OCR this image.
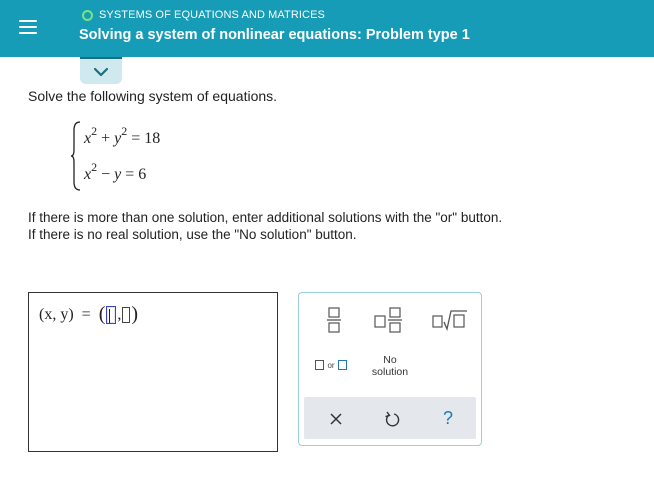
SYSTEMS OF EQUATIONS AND MATRICES
Solving a system of nonlinear equations: Problem type 1
Solve the following system of equations.
$x^2 + y^2 = 18$
$x^2 - y = 6$
If there is more than one solution, enter additional solutions with the "or" button.
If there is no real solution, use the "No solution" button.
(x, y) = ( , )
or	No
solution
?
